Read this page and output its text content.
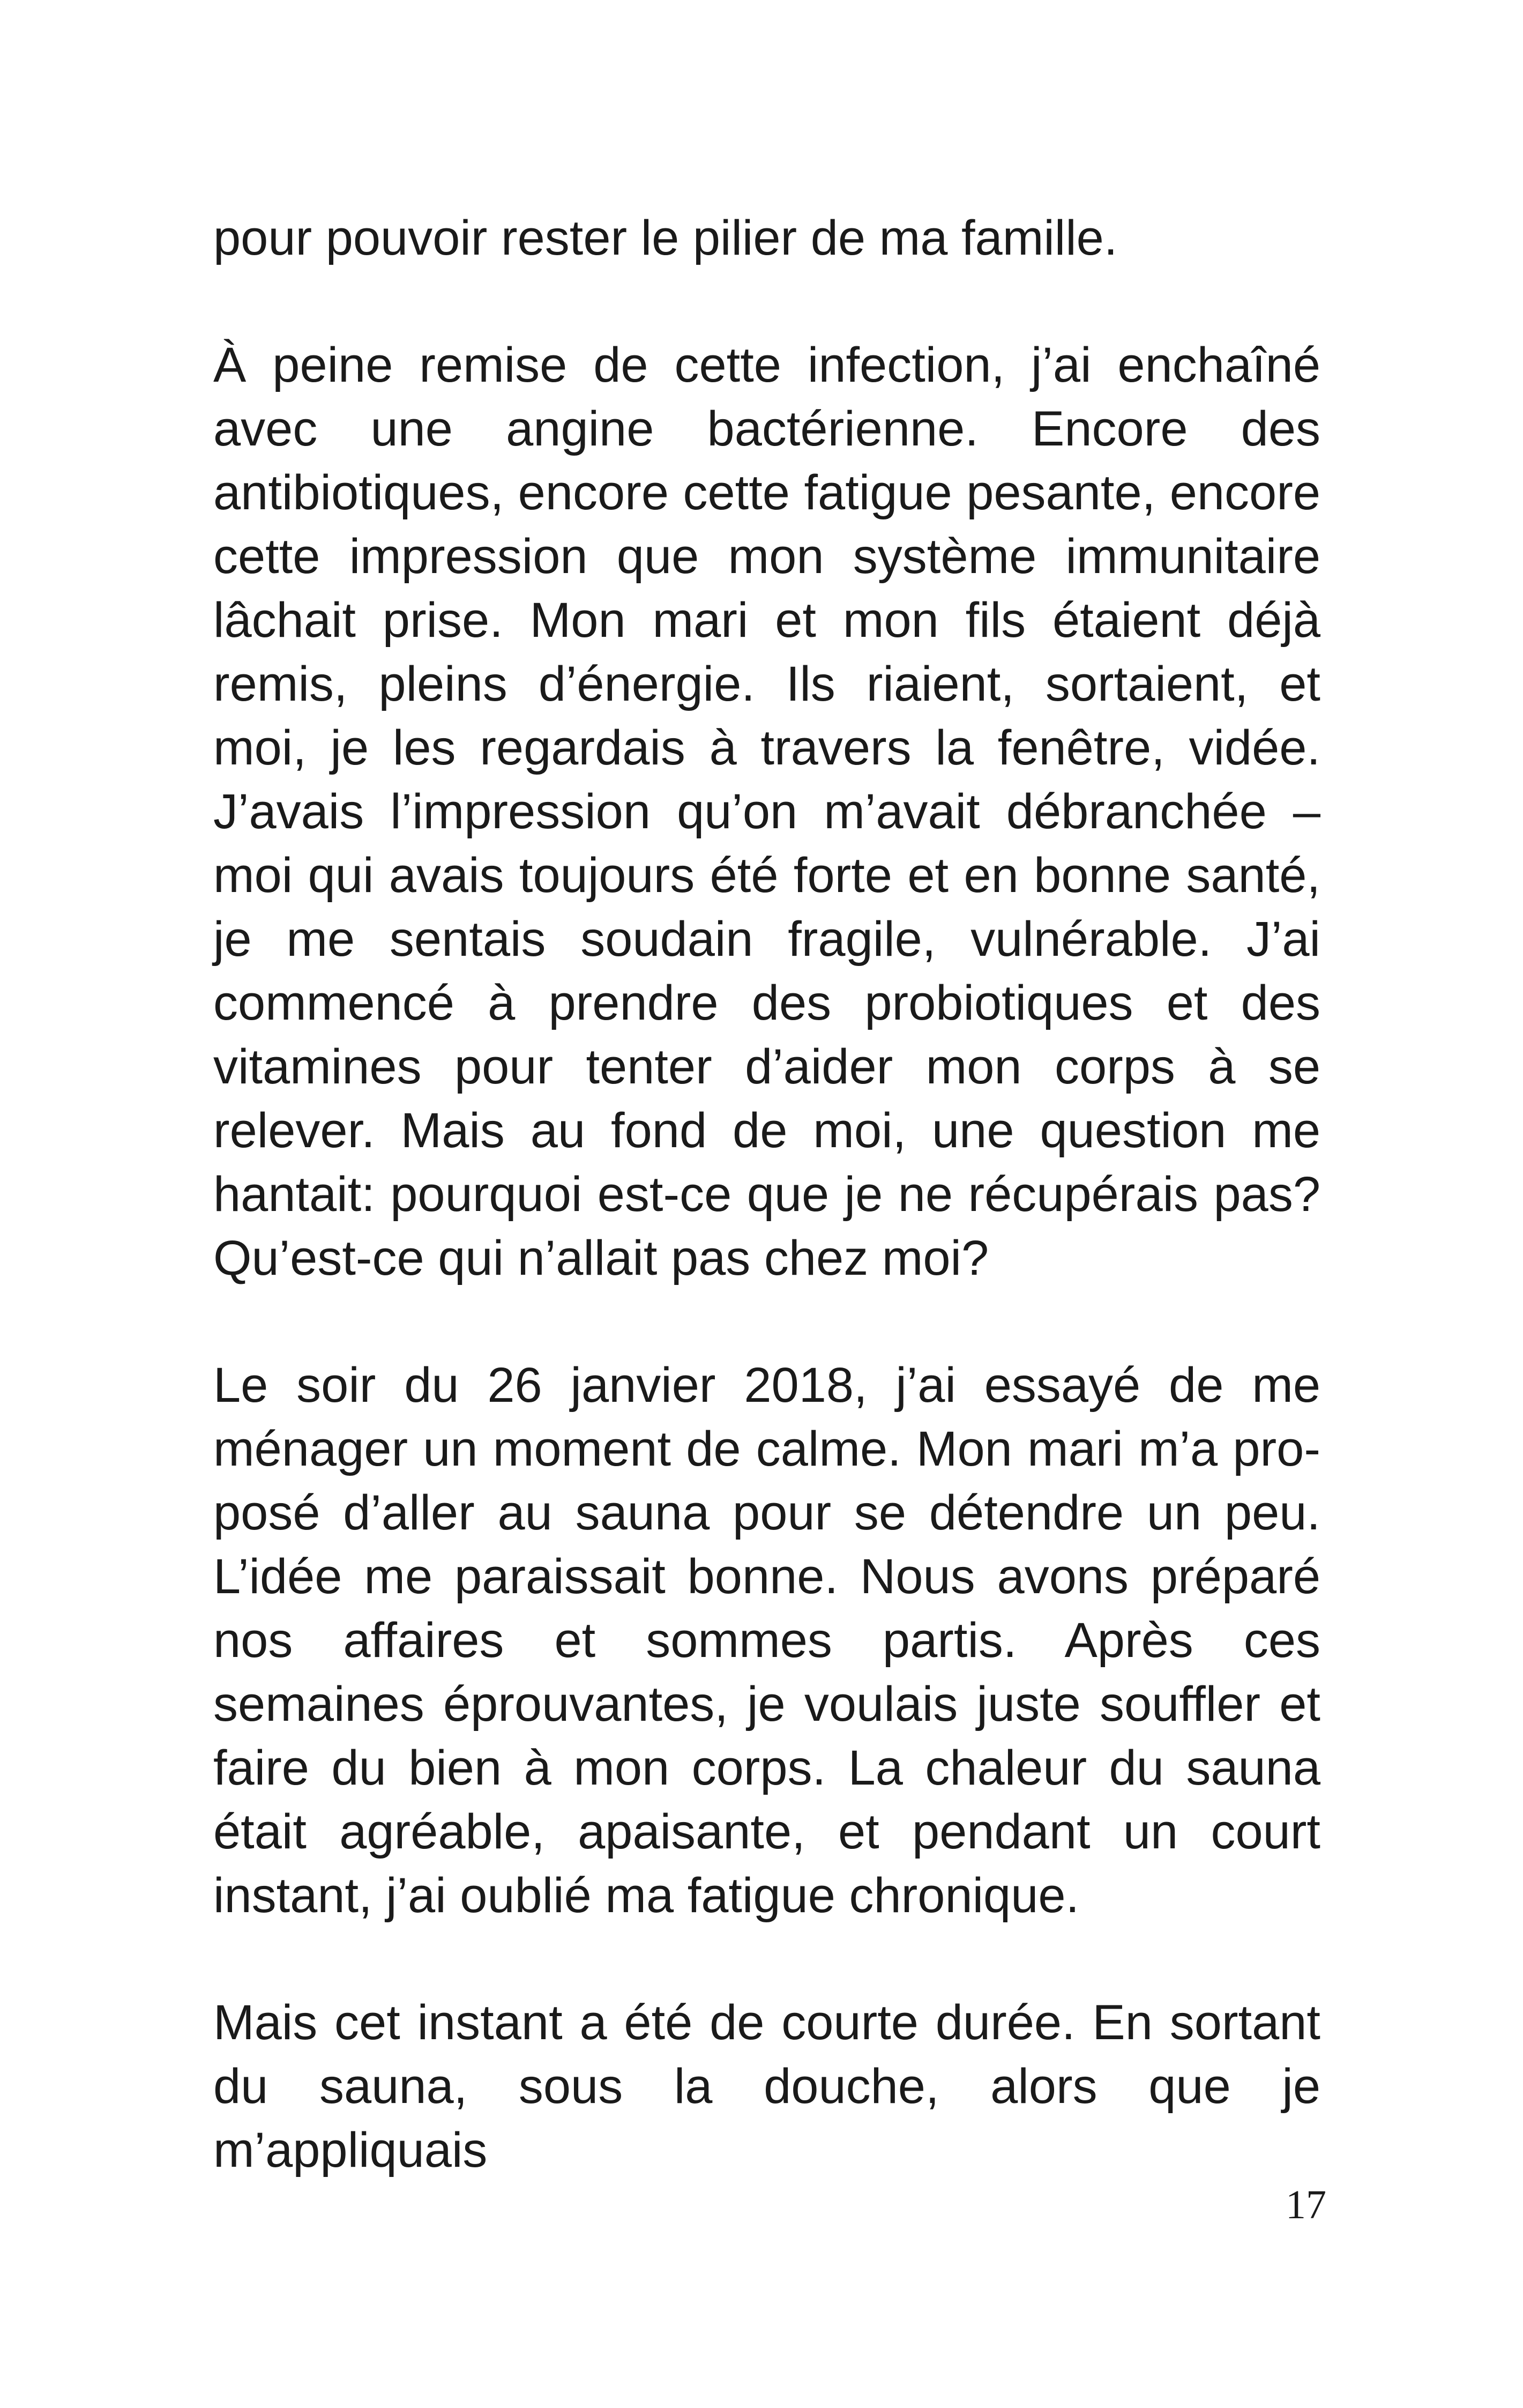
pour pouvoir rester le pilier de ma famille.

À peine remise de cette infection, j’ai enchaîné avec une angine bactérienne. Encore des antibiotiques, encore cette fatigue pesante, encore cette impression que mon système immunitaire lâchait prise. Mon mari et mon fils étaient déjà remis, pleins d’énergie. Ils riaient, sortaient, et moi, je les regardais à travers la fenêtre, vidée. J’avais l’impression qu’on m’avait débranchée – moi qui avais toujours été forte et en bonne santé, je me sentais soudain fragile, vulnérable. J’ai commencé à prendre des probiotiques et des vitamines pour tenter d’aider mon corps à se relever. Mais au fond de moi, une question me hantait: pourquoi est-ce que je ne récupérais pas? Qu’est-ce qui n’allait pas chez moi?

Le soir du 26 janvier 2018, j’ai essayé de me ménager un moment de calme. Mon mari m’a proposé d’aller au sauna pour se détendre un peu. L’idée me paraissait bonne. Nous avons préparé nos affaires et sommes partis. Après ces semaines éprouvantes, je voulais juste souffler et faire du bien à mon corps. La chaleur du sauna était agréable, apaisante, et pendant un court instant, j’ai oublié ma fatigue chronique.

Mais cet instant a été de courte durée. En sortant du sauna, sous la douche, alors que je m’appliquais

17
